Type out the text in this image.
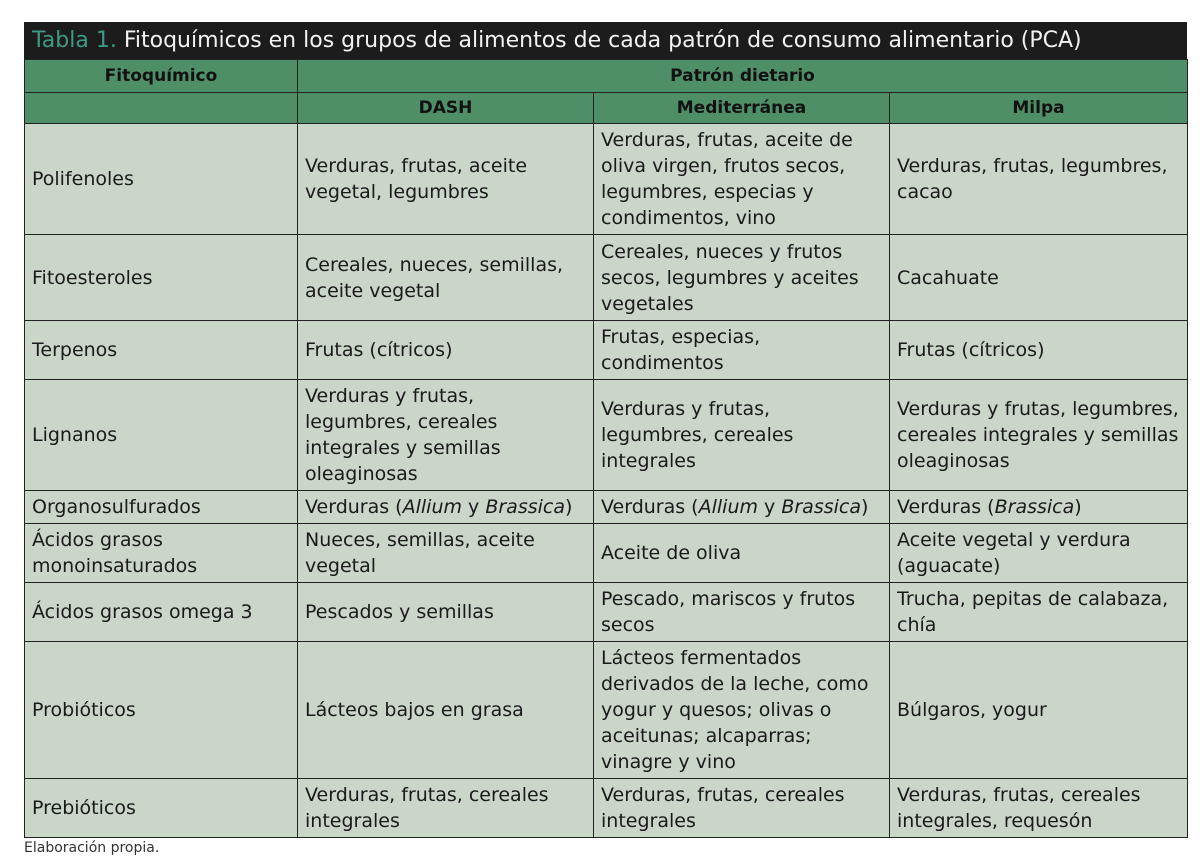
Tabla 1. Fitoquímicos en los grupos de alimentos de cada patrón de consumo alimentario (PCA)
Fitoquímico	Patrón dietario		
	DASH	Mediterránea	Milpa
Polifenoles	Verduras, frutas, aceite vegetal, legumbres	Verduras, frutas, aceite de oliva virgen, frutos secos, legumbres, especias y condimentos, vino	Verduras, frutas, legumbres, cacao
Fitoesteroles	Cereales, nueces, semillas, aceite vegetal	Cereales, nueces y frutos secos, legumbres y aceites vegetales	Cacahuate
Terpenos	Frutas (cítricos)	Frutas, especias, condimentos	Frutas (cítricos)
Lignanos	Verduras y frutas, legumbres, cereales integrales y semillas oleaginosas	Verduras y frutas, legumbres, cereales integrales	Verduras y frutas, legumbres, cereales integrales y semillas oleaginosas
Organosulfurados	Verduras (Allium y Brassica)	Verduras (Allium y Brassica)	Verduras (Brassica)
Ácidos grasos monoinsaturados	Nueces, semillas, aceite vegetal	Aceite de oliva	Aceite vegetal y verdura (aguacate)
Ácidos grasos omega 3	Pescados y semillas	Pescado, mariscos y frutos secos	Trucha, pepitas de calabaza, chía
Probióticos	Lácteos bajos en grasa	Lácteos fermentados derivados de la leche, como yogur y quesos; olivas o aceitunas; alcaparras; vinagre y vino	Búlgaros, yogur
Prebióticos	Verduras, frutas, cereales integrales	Verduras, frutas, cereales integrales	Verduras, frutas, cereales integrales, requesón
Elaboración propia.
